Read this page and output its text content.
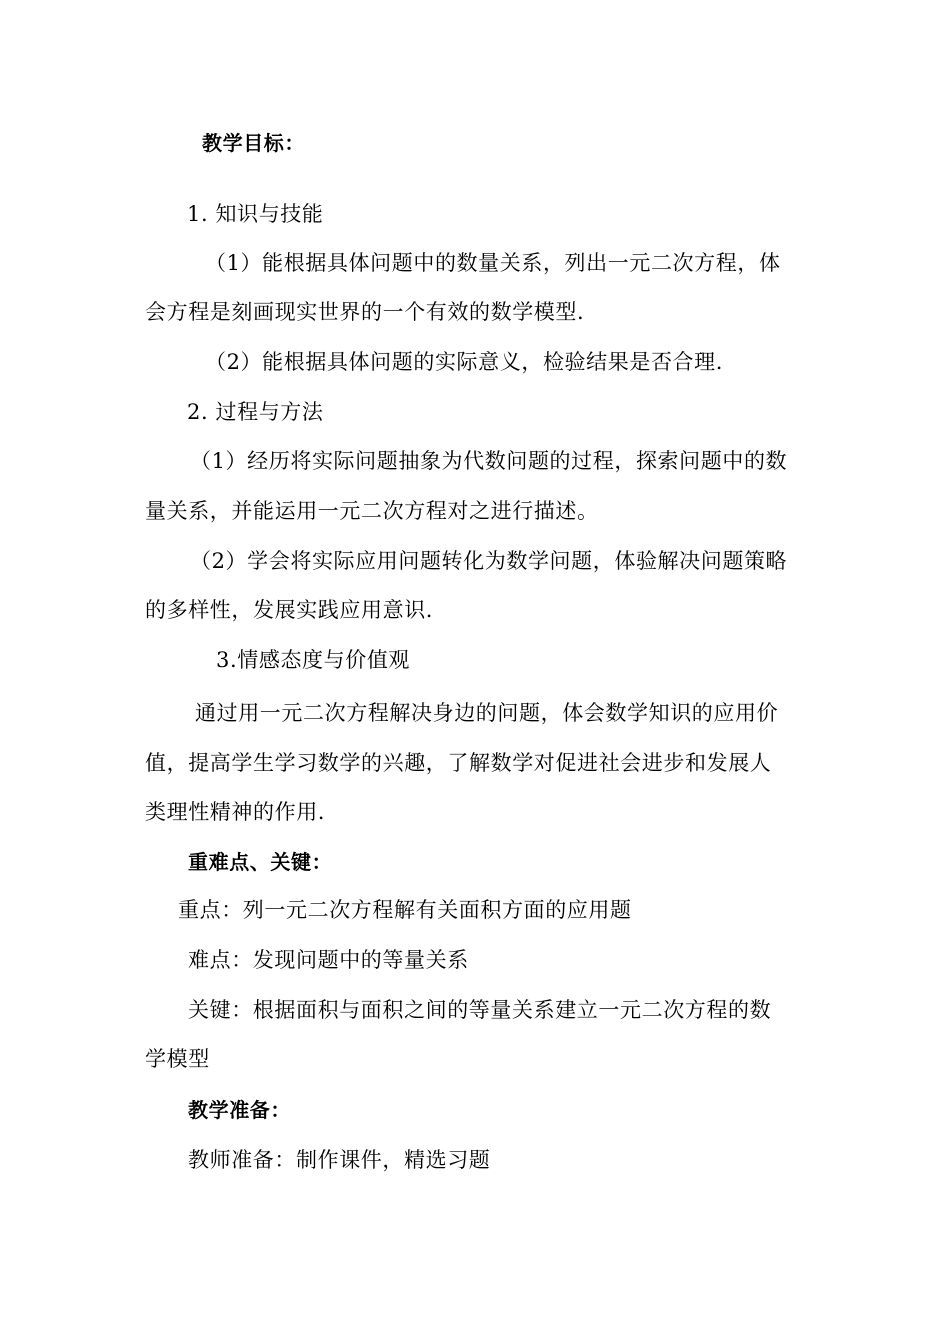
教学目标：
1. 知识与技能
（1）能根据具体问题中的数量关系，列出一元二次方程，体
会方程是刻画现实世界的一个有效的数学模型.
（2）能根据具体问题的实际意义，检验结果是否合理.
2. 过程与方法
（1）经历将实际问题抽象为代数问题的过程，探索问题中的数
量关系，并能运用一元二次方程对之进行描述。
（2）学会将实际应用问题转化为数学问题，体验解决问题策略
的多样性，发展实践应用意识.
3.情感态度与价值观
通过用一元二次方程解决身边的问题，体会数学知识的应用价
值，提高学生学习数学的兴趣，了解数学对促进社会进步和发展人
类理性精神的作用.
重难点、关键：
重点：列一元二次方程解有关面积方面的应用题
难点：发现问题中的等量关系
关键：根据面积与面积之间的等量关系建立一元二次方程的数
学模型
教学准备：
教师准备：制作课件，精选习题
